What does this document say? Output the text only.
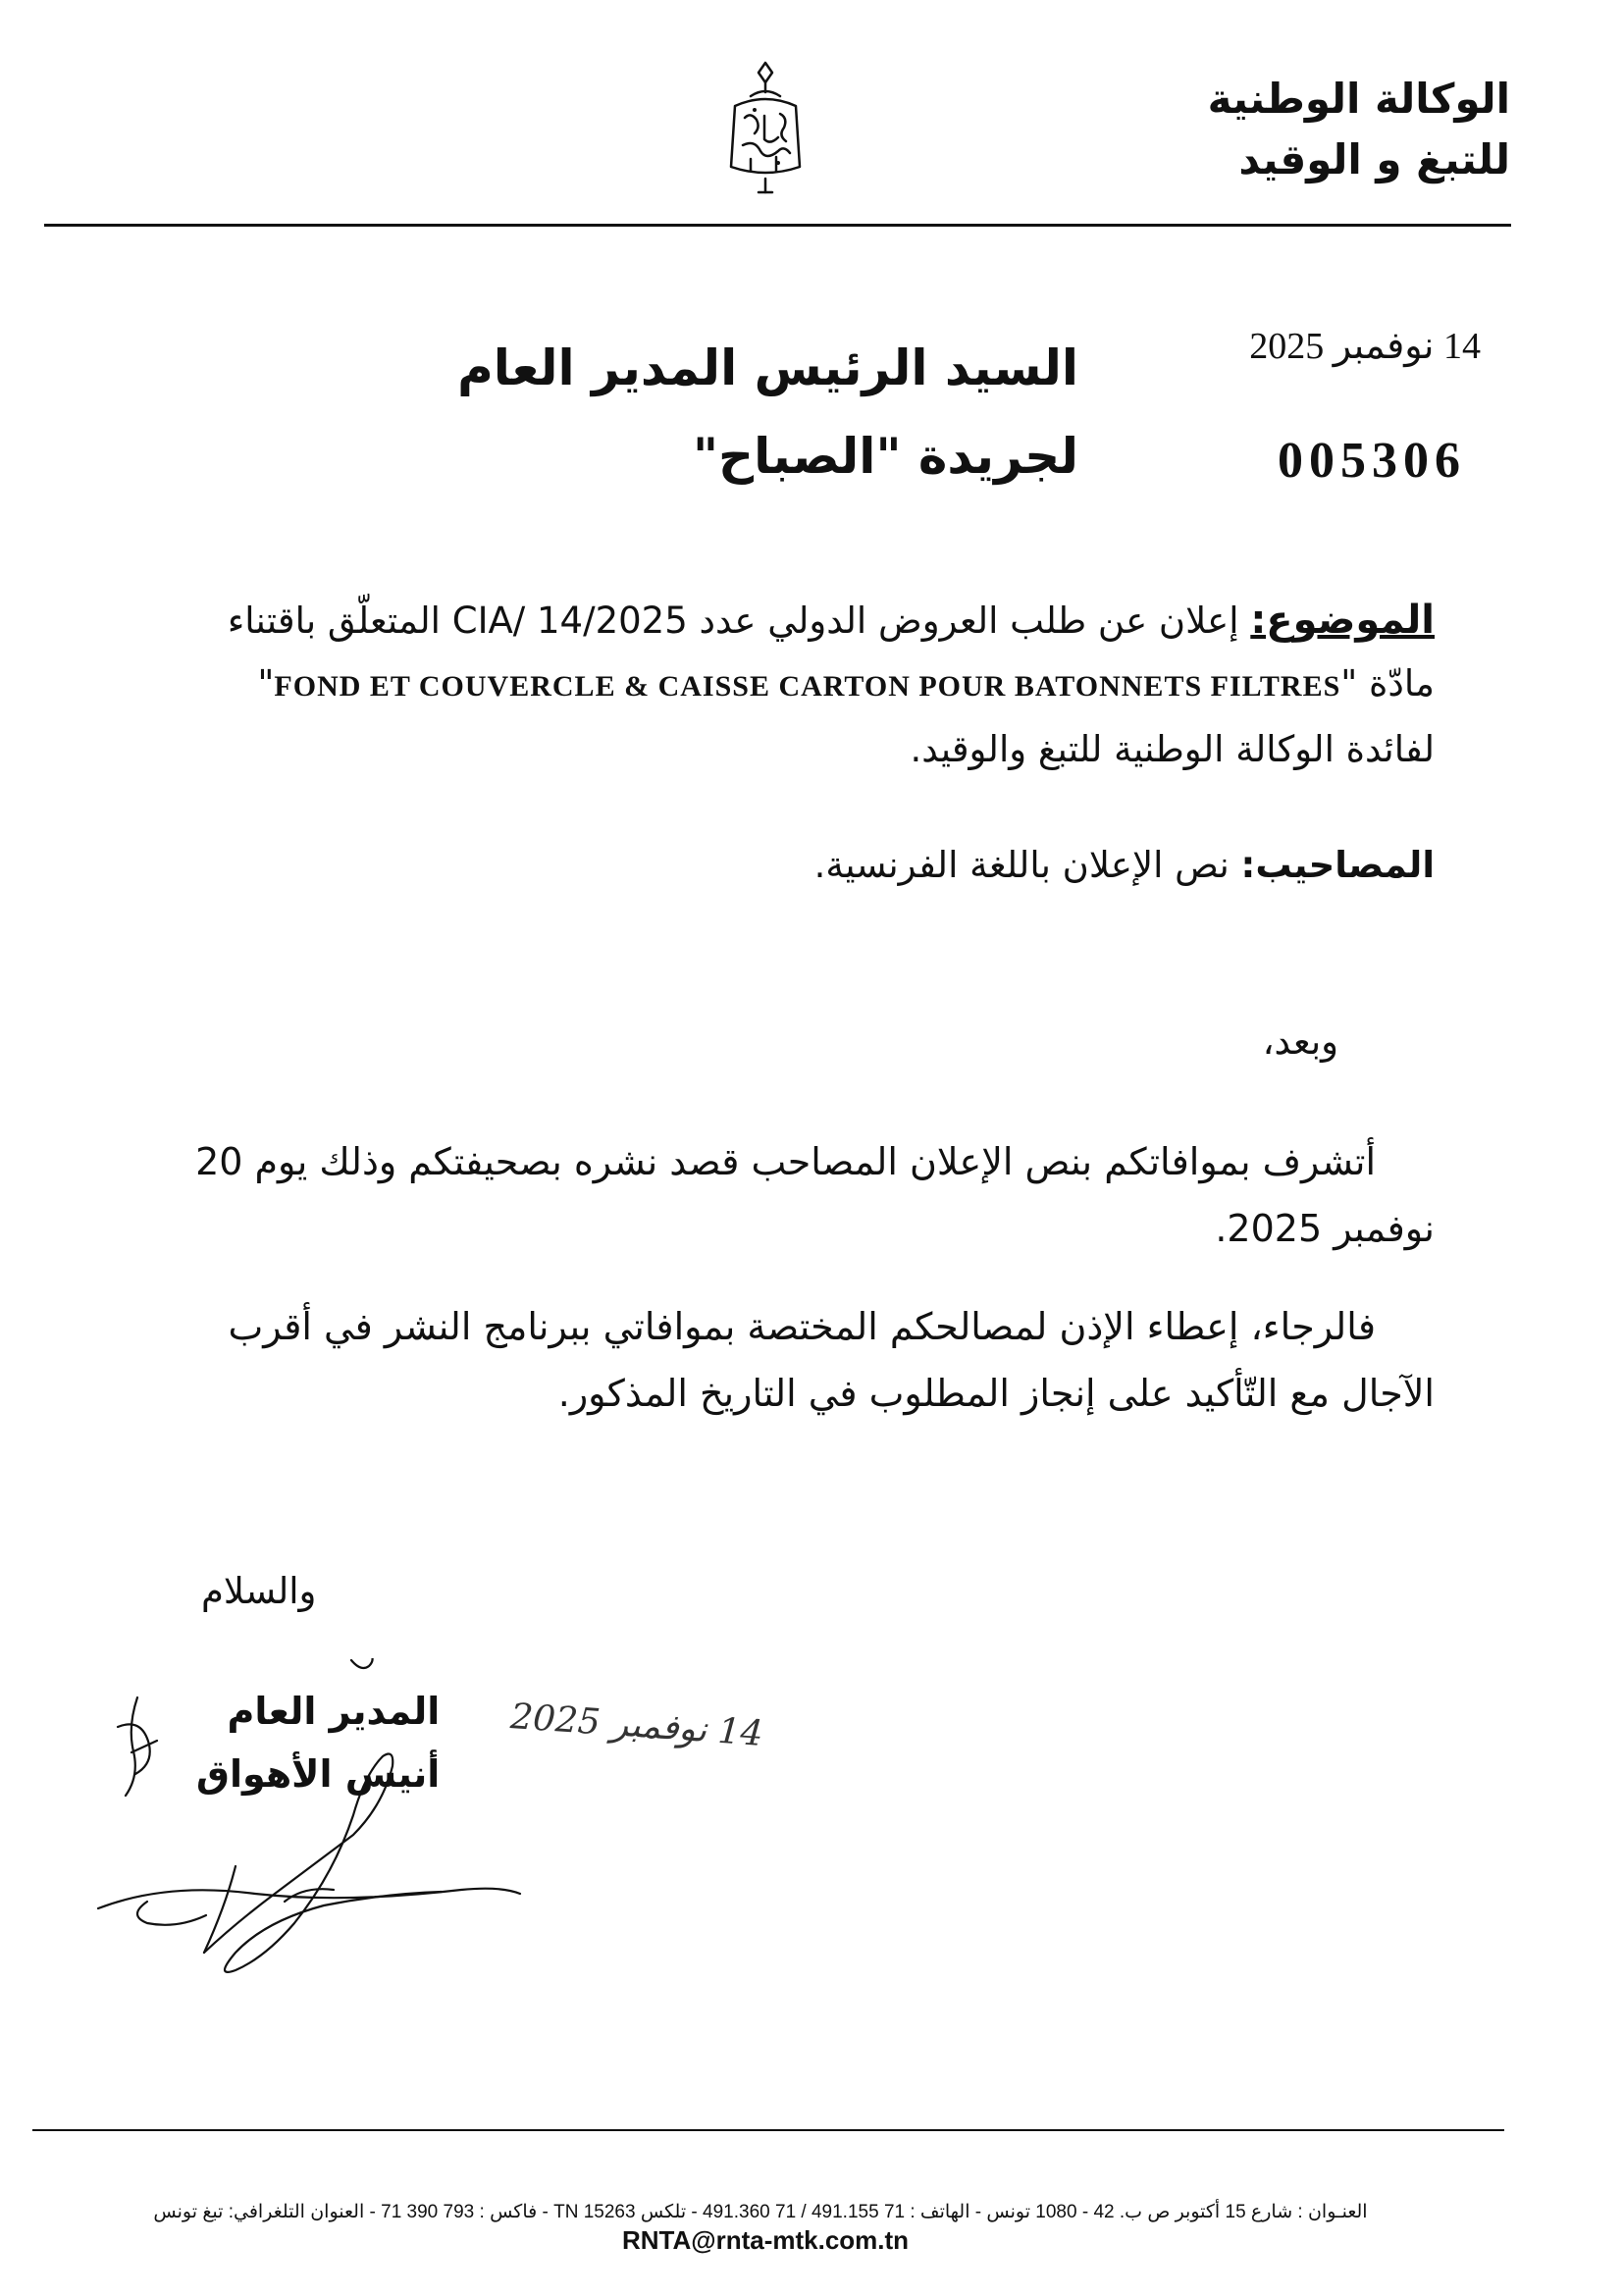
الوكالة الوطنية
للتبغ و الوقيد
السيد الرئيس المدير العام
لجريدة "الصباح"
14 نوفمبر 2025
005306
الموضوع: إعلان عن طلب العروض الدولي عدد 2025/CIA/ 14 المتعلّق باقتناء مادّة "FOND ET COUVERCLE & CAISSE CARTON POUR BATONNETS FILTRES" لفائدة الوكالة الوطنية للتبغ والوقيد.
المصاحيب: نص الإعلان باللغة الفرنسية.
وبعد،
أتشرف بموافاتكم بنص الإعلان المصاحب قصد نشره بصحيفتكم وذلك يوم 20 نوفمبر 2025.
فالرجاء، إعطاء الإذن لمصالحكم المختصة بموافاتي ببرنامج النشر في أقرب الآجال مع التّأكيد على إنجاز المطلوب في التاريخ المذكور.
والسلام
المدير العام
أنيس الأهواق
14 نوفمبر 2025
العنـوان : شارع 15 أكتوبر ص ب. 42 - 1080 تونس - الهاتف : 71 491.155 / 71 491.360 - تلكس 15263 TN - فاكس : 793 390 71 - العنوان التلغرافي: تبغ تونس
RNTA@rnta-mtk.com.tn
